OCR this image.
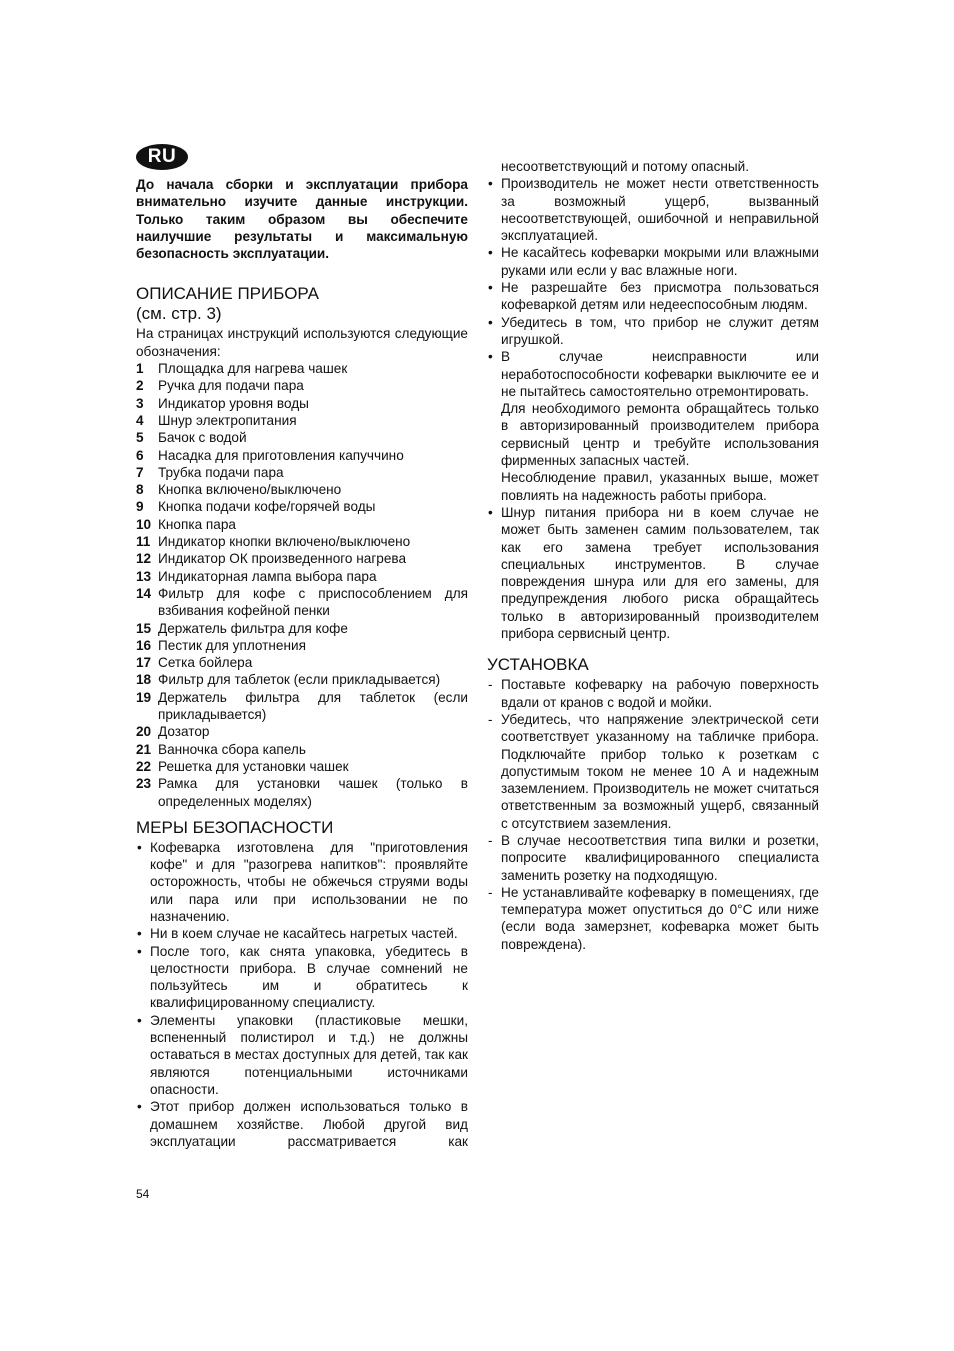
RU

До начала сборки и эксплуатации прибора внимательно изучите данные инструкции. Только таким образом вы обеспечите наилучшие результаты и максимальную безопасность эксплуатации.

ОПИСАНИЕ ПРИБОРА
(см. стр. 3)

На страницах инструкций используются следующие обозначения:

1	Площадка для нагрева чашек
2	Ручка для подачи пара
3	Индикатор уровня воды
4	Шнур электропитания
5	Бачок с водой
6	Насадка для приготовления капуччино
7	Трубка подачи пара
8	Кнопка включено/выключено
9	Кнопка подачи кофе/горячей воды
10 Кнопка пара
11 Индикатор кнопки включено/выключено
12 Индикатор ОК произведенного нагрева
13 Индикаторная лампа выбора пара
14 Фильтр для кофе с приспособлением для взбивания кофейной пенки
15 Держатель фильтра для кофе
16 Пестик для уплотнения
17 Сетка бойлера
18 Фильтр для таблеток (если прикладывается)
19 Держатель фильтра для таблеток (если прикладывается)
20 Дозатор
21 Ванночка сбора капель
22 Решетка для установки чашек
23 Рамка для установки чашек (только в определенных моделях)
МЕРЫ БЕЗОПАСНОСТИ
• Кофеварка изготовлена для "приготовления кофе" и для "разогрева напитков": проявляйте осторожность, чтобы не обжечься струями воды или пара или при использовании не по назначению.
• Ни в коем случае не касайтесь нагретых частей.
• После того, как снята упаковка, убедитесь в целостности прибора. В случае сомнений не пользуйтесь им и обратитесь к квалифицированному специалисту.
• Элементы упаковки (пластиковые мешки, вспененный полистирол и т.д.) не должны оставаться в местах доступных для детей, так как являются потенциальными источниками опасности.
• Этот прибор должен использоваться только в домашнем хозяйстве. Любой другой вид эксплуатации рассматривается как

несоответствующий и потому опасный.

• Производитель не может нести ответственность за возможный ущерб, вызванный несоответствующей, ошибочной и неправильной эксплуатацией.
• Не касайтесь кофеварки мокрыми или влажными руками или если у вас влажные ноги.
• Не разрешайте без присмотра пользоваться кофеваркой детям или недееспособным людям.
• Убедитесь в том, что прибор не служит детям игрушкой.
• В случае неисправности или неработоспособности кофеварки выключите ее и не пытайтесь самостоятельно отремонтировать.

Для необходимого ремонта обращайтесь только в авторизированный производителем прибора сервисный центр и требуйте использования фирменных запасных частей.

Несоблюдение правил, указанных выше, может повлиять на надежность работы прибора.

• Шнур питания прибора ни в коем случае не может быть заменен самим пользователем, так как его замена требует использования специальных инструментов. В случае повреждения шнура или для его замены, для предупреждения любого риска обращайтесь только в авторизированный производителем прибора сервисный центр.
УСТАНОВКА
- Поставьте кофеварку на рабочую поверхность вдали от кранов с водой и мойки.
- Убедитесь, что напряжение электрической сети соответствует указанному на табличке прибора. Подключайте прибор только к розеткам с допустимым током не менее 10 А и надежным заземлением. Производитель не может считаться ответственным за возможный ущерб, связанный с отсутствием заземления.
- В случае несоответствия типа вилки и розетки, попросите квалифицированного специалиста заменить розетку на подходящую.
- Не устанавливайте кофеварку в помещениях, где температура может опуститься до 0°С или ниже (если вода замерзнет, кофеварка может быть повреждена).
54
